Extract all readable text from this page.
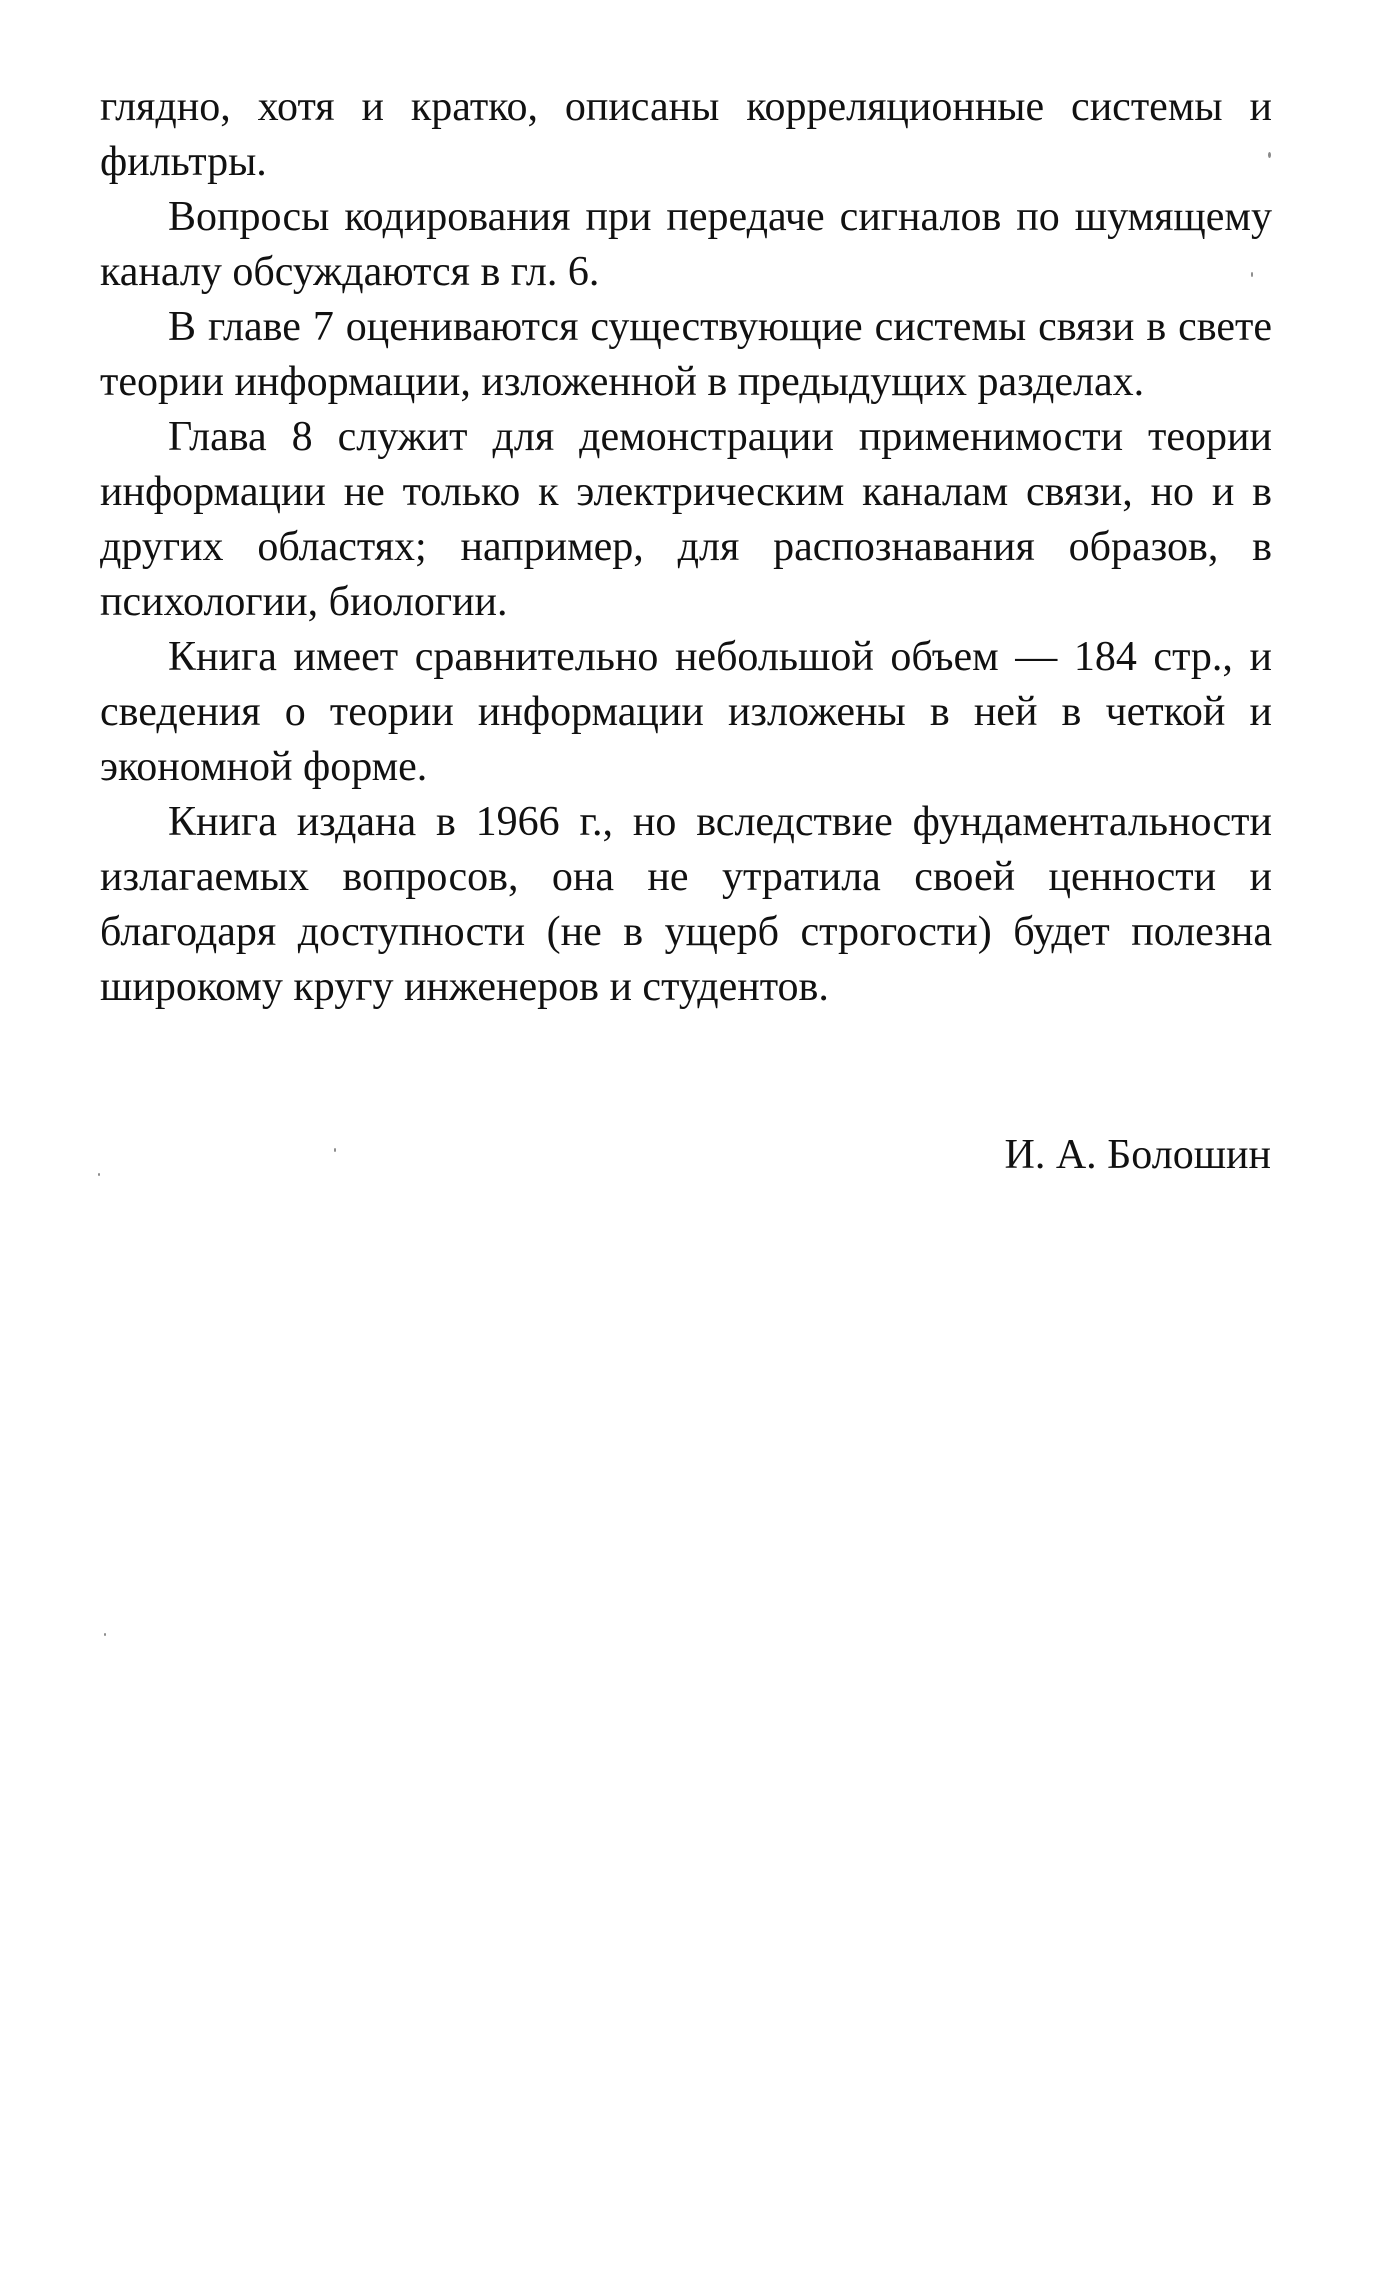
глядно, хотя и кратко, описаны корреляционные системы и фильтры.

Вопросы кодирования при передаче сигналов по шумящему каналу обсуждаются в гл. 6.

В главе 7 оцениваются существующие системы связи в свете теории информации, изложенной в предыдущих разделах.

Глава 8 служит для демонстрации применимости теории информации не только к электрическим каналам связи, но и в других областях; например, для распознавания образов, в психологии, биологии.

Книга имеет сравнительно небольшой объем — 184 стр., и сведения о теории информации изложены в ней в четкой и экономной форме.

Книга издана в 1966 г., но вследствие фундаментальности излагаемых вопросов, она не утратила своей ценности и благодаря доступности (не в ущерб строгости) будет полезна широкому кругу инженеров и студентов.

И. А. Болошин
